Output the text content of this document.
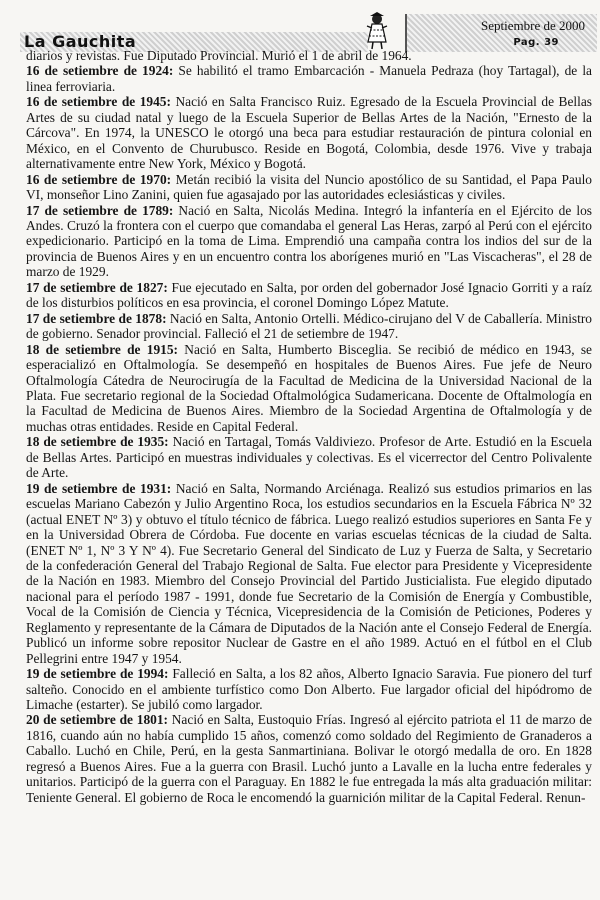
La Gauchita
Septiembre de 2000
Pag. 39

diarios y revistas. Fue Diputado Provincial. Murió el 1 de abril de 1964.

16 de setiembre de 1924: Se habilitó el tramo Embarcación - Manuela Pedraza (hoy Tartagal), de la linea ferroviaria.

16 de setiembre de 1945: Nació en Salta Francisco Ruiz. Egresado de la Escuela Provincial de Bellas Artes de su ciudad natal y luego de la Escuela Superior de Bellas Artes de la Nación, "Ernesto de la Cárcova". En 1974, la UNESCO le otorgó una beca para estudiar restauración de pintura colonial en México, en el Convento de Churubusco. Reside en Bogotá, Colombia, desde 1976. Vive y trabaja alternativamente entre New York, México y Bogotá.

16 de setiembre de 1970: Metán recibió la visita del Nuncio apostólico de su Santidad, el Papa Paulo VI, monseñor Lino Zanini, quien fue agasajado por las autoridades eclesiásticas y civiles.

17 de setiembre de 1789: Nació en Salta, Nicolás Medina. Integró la infantería en el Ejército de los Andes. Cruzó la frontera con el cuerpo que comandaba el general Las Heras, zarpó al Perú con el ejército expedicionario. Participó en la toma de Lima. Emprendió una campaña contra los indios del sur de la provincia de Buenos Aires y en un encuentro contra los aborígenes murió en "Las Viscacheras", el 28 de marzo de 1929.

17 de setiembre de 1827: Fue ejecutado en Salta, por orden del gobernador José Ignacio Gorriti y a raíz de los disturbios políticos en esa provincia, el coronel Domingo López Matute.

17 de setiembre de 1878: Nació en Salta, Antonio Ortelli. Médico-cirujano del V de Caballería. Ministro de gobierno. Senador provincial. Falleció el 21 de setiembre de 1947.

18 de setiembre de 1915: Nació en Salta, Humberto Bisceglia. Se recibió de médico en 1943, se esperacializó en Oftalmología. Se desempeñó en hospitales de Buenos Aires. Fue jefe de Neuro Oftalmología Cátedra de Neurocirugía de la Facultad de Medicina de la Universidad Nacional de la Plata. Fue secretario regional de la Sociedad Oftalmológica Sudamericana. Docente de Oftalmología en la Facultad de Medicina de Buenos Aires. Miembro de la Sociedad Argentina de Oftalmología y de muchas otras entidades. Reside en Capital Federal.

18 de setiembre de 1935: Nació en Tartagal, Tomás Valdiviezo. Profesor de Arte. Estudió en la Escuela de Bellas Artes. Participó en muestras individuales y colectivas. Es el vicerrector del Centro Polivalente de Arte.

19 de setiembre de 1931: Nació en Salta, Normando Arciénaga. Realizó sus estudios primarios en las escuelas Mariano Cabezón y Julio Argentino Roca, los estudios secundarios en la Escuela Fábrica Nº 32 (actual ENET Nº 3) y obtuvo el título técnico de fábrica. Luego realizó estudios superiores en Santa Fe y en la Universidad Obrera de Córdoba. Fue docente en varias escuelas técnicas de la ciudad de Salta. (ENET Nº 1, Nº 3 Y Nº 4). Fue Secretario General del Sindicato de Luz y Fuerza de Salta, y Secretario de la confederación General del Trabajo Regional de Salta. Fue elector para Presidente y Vicepresidente de la Nación en 1983. Miembro del Consejo Provincial del Partido Justicialista. Fue elegido diputado nacional para el período 1987 - 1991, donde fue Secretario de la Comisión de Energía y Combustible, Vocal de la Comisión de Ciencia y Técnica, Vicepresidencia de la Comisión de Peticiones, Poderes y Reglamento y representante de la Cámara de Diputados de la Nación ante el Consejo Federal de Energía. Publicó un informe sobre repositor Nuclear de Gastre en el año 1989. Actuó en el fútbol en el Club Pellegrini entre 1947 y 1954.

19 de setiembre de 1994: Falleció en Salta, a los 82 años, Alberto Ignacio Saravia. Fue pionero del turf salteño. Conocido en el ambiente turfístico como Don Alberto. Fue largador oficial del hipódromo de Limache (estarter). Se jubiló como largador.

20 de setiembre de 1801: Nació en Salta, Eustoquio Frías. Ingresó al ejército patriota el 11 de marzo de 1816, cuando aún no había cumplido 15 años, comenzó como soldado del Regimiento de Granaderos a Caballo. Luchó en Chile, Perú, en la gesta Sanmartiniana. Bolivar le otorgó medalla de oro. En 1828 regresó a Buenos Aires. Fue a la guerra con Brasil. Luchó junto a Lavalle en la lucha entre federales y unitarios. Participó de la guerra con el Paraguay. En 1882 le fue entregada la más alta graduación militar: Teniente General. El gobierno de Roca le encomendó la guarnición militar de la Capital Federal. Renun-
